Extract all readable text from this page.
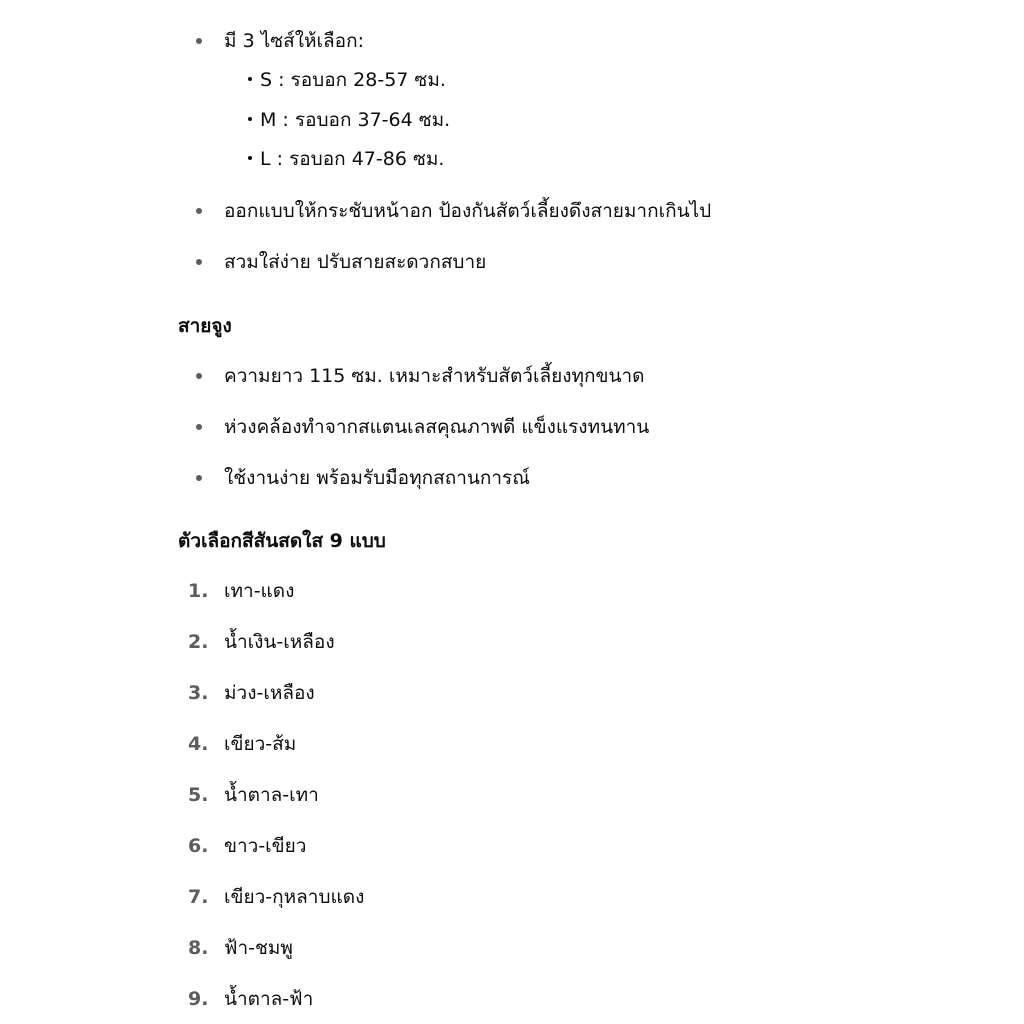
มี 3 ไซส์ให้เลือก:
S : รอบอก 28-57 ซม.
M : รอบอก 37-64 ซม.
L : รอบอก 47-86 ซม.
ออกแบบให้กระชับหน้าอก ป้องกันสัตว์เลี้ยงดึงสายมากเกินไป
สวมใส่ง่าย ปรับสายสะดวกสบาย
สายจูง
ความยาว 115 ซม. เหมาะสำหรับสัตว์เลี้ยงทุกขนาด
ห่วงคล้องทำจากสแตนเลสคุณภาพดี แข็งแรงทนทาน
ใช้งานง่าย พร้อมรับมือทุกสถานการณ์
ตัวเลือกสีสันสดใส 9 แบบ
1. เทา-แดง
2. น้ำเงิน-เหลือง
3. ม่วง-เหลือง
4. เขียว-ส้ม
5. น้ำตาล-เทา
6. ขาว-เขียว
7. เขียว-กุหลาบแดง
8. ฟ้า-ชมพู
9. น้ำตาล-ฟ้า
